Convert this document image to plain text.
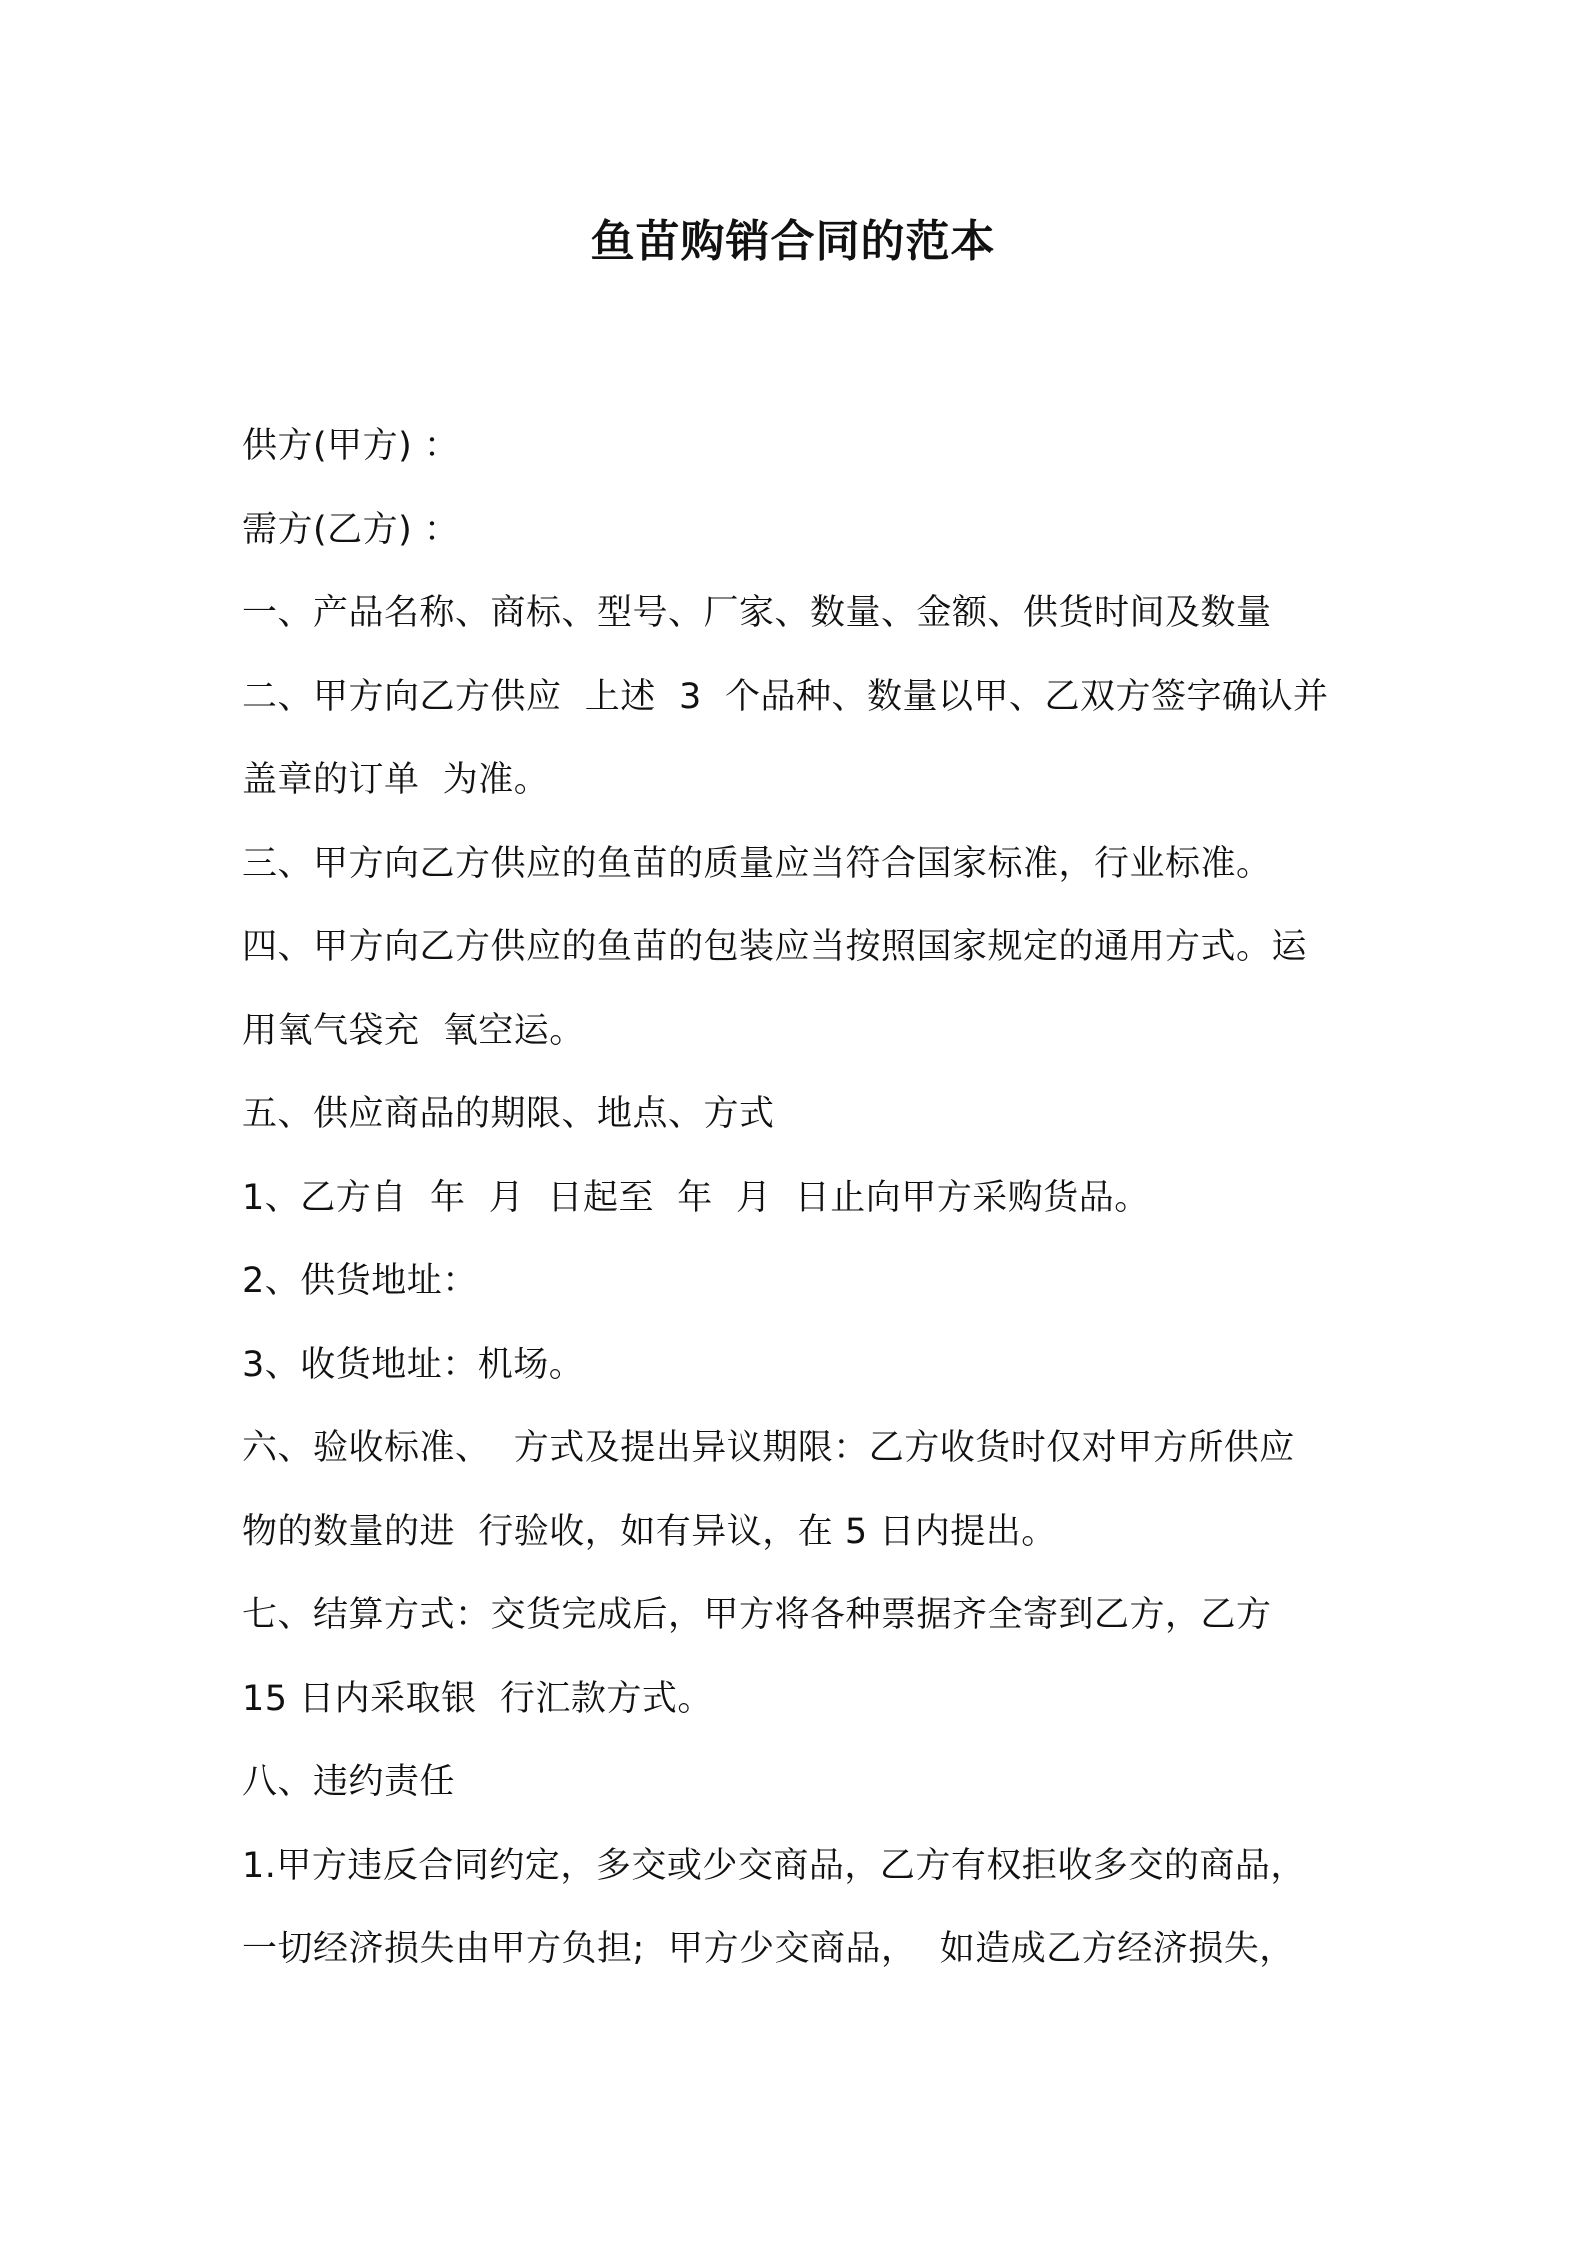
鱼苗购销合同的范本
供方(甲方) ：
需方(乙方) ：
一、产品名称、商标、型号、厂家、数量、金额、供货时间及数量
二、甲方向乙方供应  上述  3  个品种、数量以甲、乙双方签字确认并
盖章的订单  为准。
三、甲方向乙方供应的鱼苗的质量应当符合国家标准，行业标准。
四、甲方向乙方供应的鱼苗的包装应当按照国家规定的通用方式。运
用氧气袋充  氧空运。
五、供应商品的期限、地点、方式
1、乙方自  年  月  日起至  年  月  日止向甲方采购货品。
2、供货地址：
3、收货地址：机场。
六、验收标准、  方式及提出异议期限：乙方收货时仅对甲方所供应
物的数量的进  行验收，如有异议，在 5 日内提出。
七、结算方式：交货完成后，甲方将各种票据齐全寄到乙方，乙方
15 日内采取银  行汇款方式。
八、违约责任
1.甲方违反合同约定，多交或少交商品，乙方有权拒收多交的商品，
一切经济损失由甲方负担;  甲方少交商品，  如造成乙方经济损失，
